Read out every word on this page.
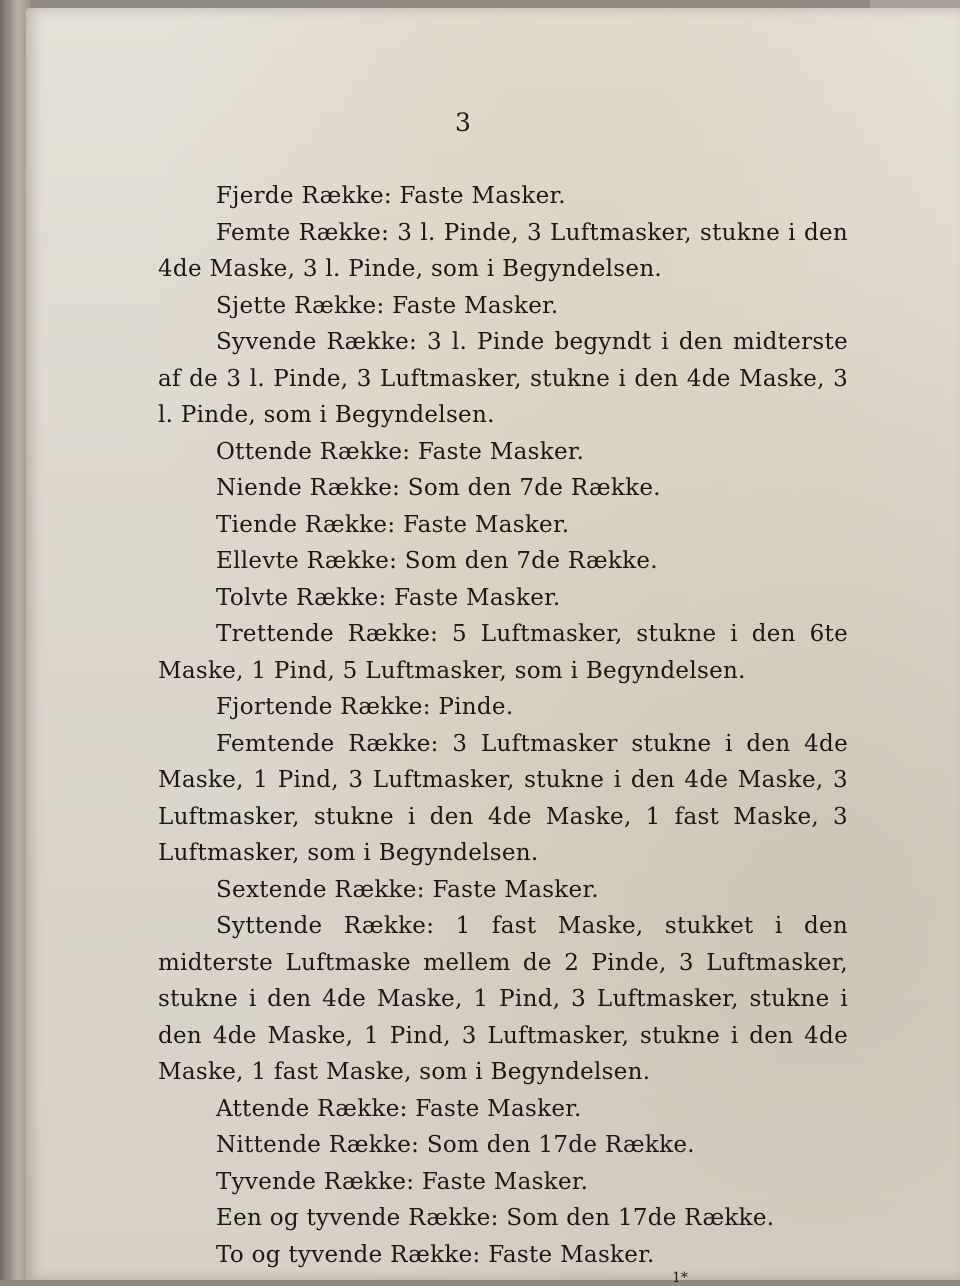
3

Fjerde Række: Faste Masker.

Femte Række: 3 l. Pinde, 3 Luftmasker, stukne i den 4de Maske, 3 l. Pinde, som i Begyndelsen.

Sjette Række: Faste Masker.

Syvende Række: 3 l. Pinde begyndt i den midterste af de 3 l. Pinde, 3 Luftmasker, stukne i den 4de Maske, 3 l. Pinde, som i Begyndelsen.

Ottende Række: Faste Masker.

Niende Række: Som den 7de Række.

Tiende Række: Faste Masker.

Ellevte Række: Som den 7de Række.

Tolvte Række: Faste Masker.

Trettende Række: 5 Luftmasker, stukne i den 6te Maske, 1 Pind, 5 Luftmasker, som i Begyndelsen.

Fjortende Række: Pinde.

Femtende Række: 3 Luftmasker stukne i den 4de Maske, 1 Pind, 3 Luftmasker, stukne i den 4de Maske, 3 Luftmasker, stukne i den 4de Maske, 1 fast Maske, 3 Luftmasker, som i Begyndelsen.

Sextende Række: Faste Masker.

Syttende Række: 1 fast Maske, stukket i den midterste Luftmaske mellem de 2 Pinde, 3 Luftmasker, stukne i den 4de Maske, 1 Pind, 3 Luftmasker, stukne i den 4de Maske, 1 Pind, 3 Luftmasker, stukne i den 4de Maske, 1 fast Maske, som i Begyndelsen.

Attende Række: Faste Masker.

Nittende Række: Som den 17de Række.

Tyvende Række: Faste Masker.

Een og tyvende Række: Som den 17de Række.

To og tyvende Række: Faste Masker.

1*
